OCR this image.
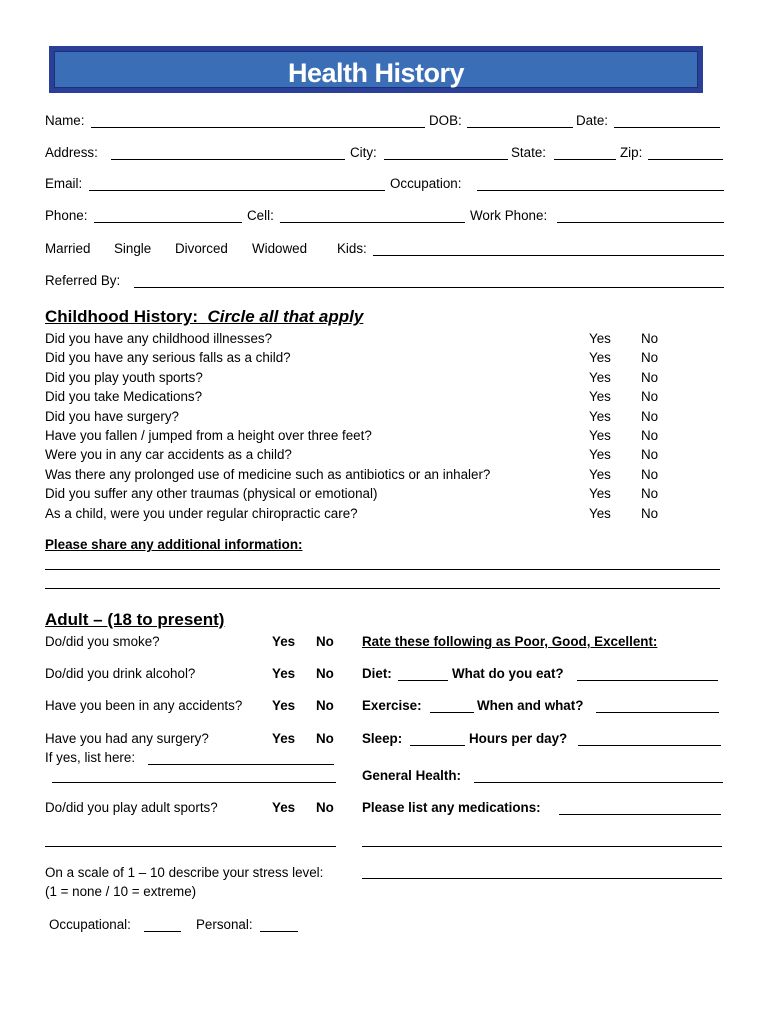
Health History
Name:	DOB:	Date:
Address:	City:	State:	Zip:
Email:	Occupation:
Phone:	Cell:	Work Phone:
Married Single Divorced Widowed Kids:
Referred By:
Childhood History: Circle all that apply
Did you have any childhood illnesses?	Yes No
Did you have any serious falls as a child?	Yes No
Did you play youth sports?	Yes No
Did you take Medications?	Yes No
Did you have surgery?	Yes No
Have you fallen / jumped from a height over three feet?	Yes No
Were you in any car accidents as a child?	Yes No
Was there any prolonged use of medicine such as antibiotics or an inhaler?	Yes No
Did you suffer any other traumas (physical or emotional)	Yes No
As a child, were you under regular chiropractic care?	Yes No
Please share any additional information:
Adult – (18 to present)
Do/did you smoke?	Yes No
Do/did you drink alcohol?	Yes No
Have you been in any accidents? Yes No
Have you had any surgery?	Yes No
If yes, list here:
Do/did you play adult sports?	Yes No
On a scale of 1 – 10 describe your stress level:
(1 = none / 10 = extreme)
Occupational:	Personal:
Rate these following as Poor, Good, Excellent:
Diet:	What do you eat?
Exercise:	When and what?
Sleep:	Hours per day?
General Health:
Please list any medications:
